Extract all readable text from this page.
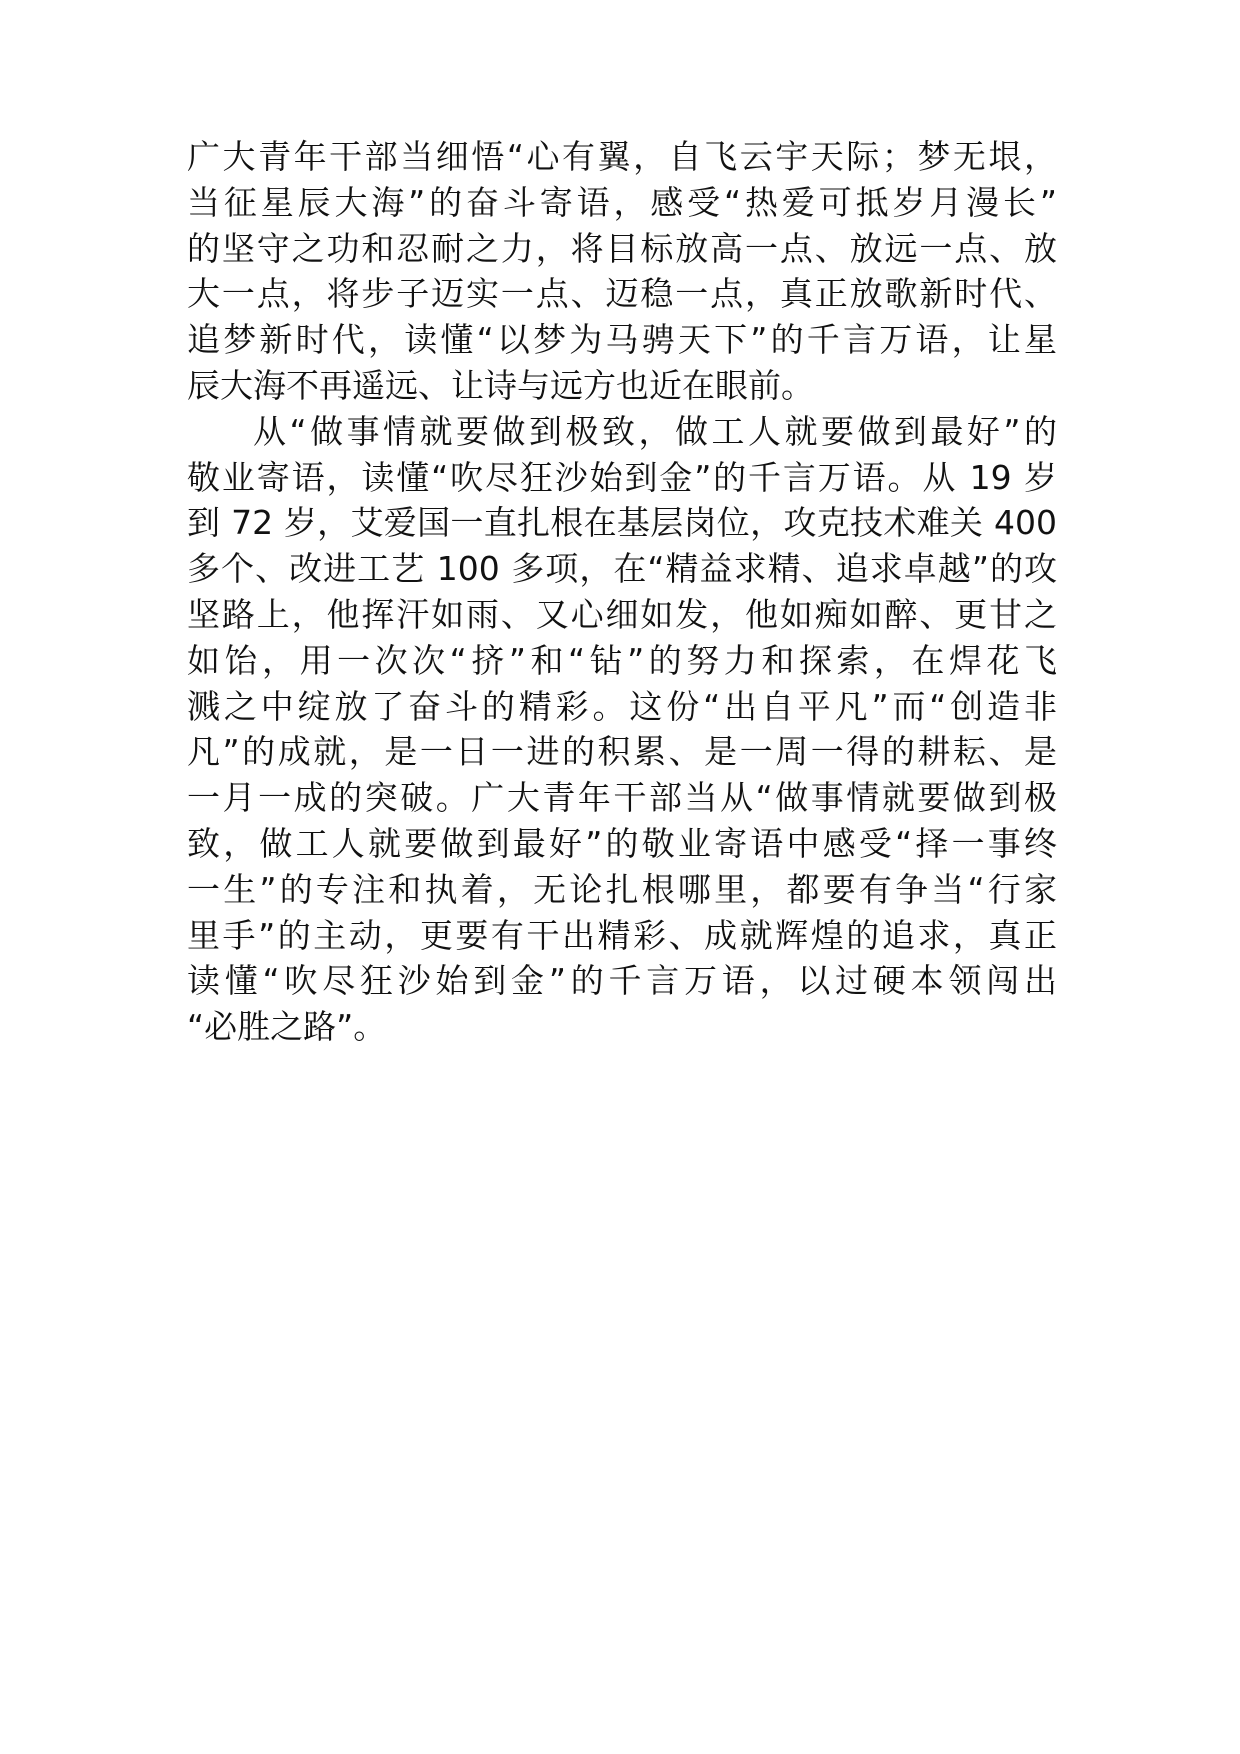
广大青年干部当细悟“心有翼，自飞云宇天际；梦无垠，
当征星辰大海”的奋斗寄语，感受“热爱可抵岁月漫长”
的坚守之功和忍耐之力，将目标放高一点、放远一点、放
大一点，将步子迈实一点、迈稳一点，真正放歌新时代、
追梦新时代，读懂“以梦为马骋天下”的千言万语，让星
辰大海不再遥远、让诗与远方也近在眼前。
从“做事情就要做到极致，做工人就要做到最好”的
敬业寄语，读懂“吹尽狂沙始到金”的千言万语。从 19 岁
到 72 岁，艾爱国一直扎根在基层岗位，攻克技术难关 400
多个、改进工艺 100 多项，在“精益求精、追求卓越”的攻
坚路上，他挥汗如雨、又心细如发，他如痴如醉、更甘之
如饴，用一次次“挤”和“钻”的努力和探索，在焊花飞
溅之中绽放了奋斗的精彩。这份“出自平凡”而“创造非
凡”的成就，是一日一进的积累、是一周一得的耕耘、是
一月一成的突破。广大青年干部当从“做事情就要做到极
致，做工人就要做到最好”的敬业寄语中感受“择一事终
一生”的专注和执着，无论扎根哪里，都要有争当“行家
里手”的主动，更要有干出精彩、成就辉煌的追求，真正
读懂“吹尽狂沙始到金”的千言万语，以过硬本领闯出
“必胜之路”。
